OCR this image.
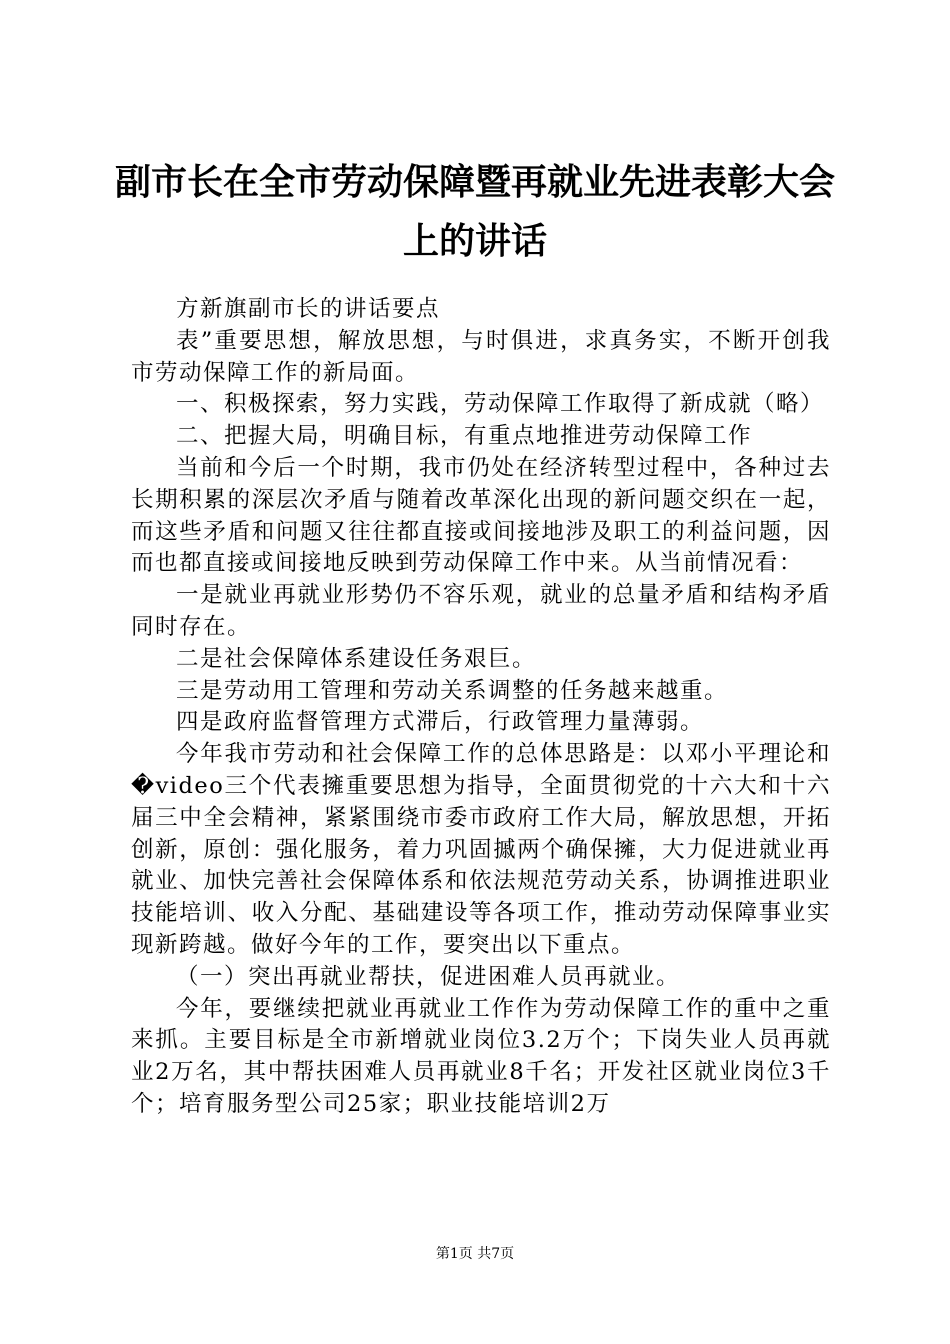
副市长在全市劳动保障暨再就业先进表彰大会
上的讲话

方新旗副市长的讲话要点

表”重要思想，解放思想，与时俱进，求真务实，不断开创我市劳动保障工作的新局面。

一、积极探索，努力实践，劳动保障工作取得了新成就（略）

二、把握大局，明确目标，有重点地推进劳动保障工作

当前和今后一个时期，我市仍处在经济转型过程中，各种过去长期积累的深层次矛盾与随着改革深化出现的新问题交织在一起，而这些矛盾和问题又往往都直接或间接地涉及职工的利益问题，因而也都直接或间接地反映到劳动保障工作中来。从当前情况看：

一是就业再就业形势仍不容乐观，就业的总量矛盾和结构矛盾同时存在。

二是社会保障体系建设任务艰巨。

三是劳动用工管理和劳动关系调整的任务越来越重。

四是政府监督管理方式滞后，行政管理力量薄弱。

今年我市劳动和社会保障工作的总体思路是：以邓小平理论和�video三个代表擁重要思想为指导，全面贯彻党的十六大和十六届三中全会精神，紧紧围绕市委市政府工作大局，解放思想，开拓创新，原创：强化服务，着力巩固摵两个确保擁，大力促进就业再就业、加快完善社会保障体系和依法规范劳动关系，协调推进职业技能培训、收入分配、基础建设等各项工作，推动劳动保障事业实现新跨越。做好今年的工作，要突出以下重点。

（一）突出再就业帮扶，促进困难人员再就业。

今年，要继续把就业再就业工作作为劳动保障工作的重中之重来抓。主要目标是全市新增就业岗位3.2万个；下岗失业人员再就业2万名，其中帮扶困难人员再就业8千名；开发社区就业岗位3千个；培育服务型公司25家；职业技能培训2万

第1页 共7页
